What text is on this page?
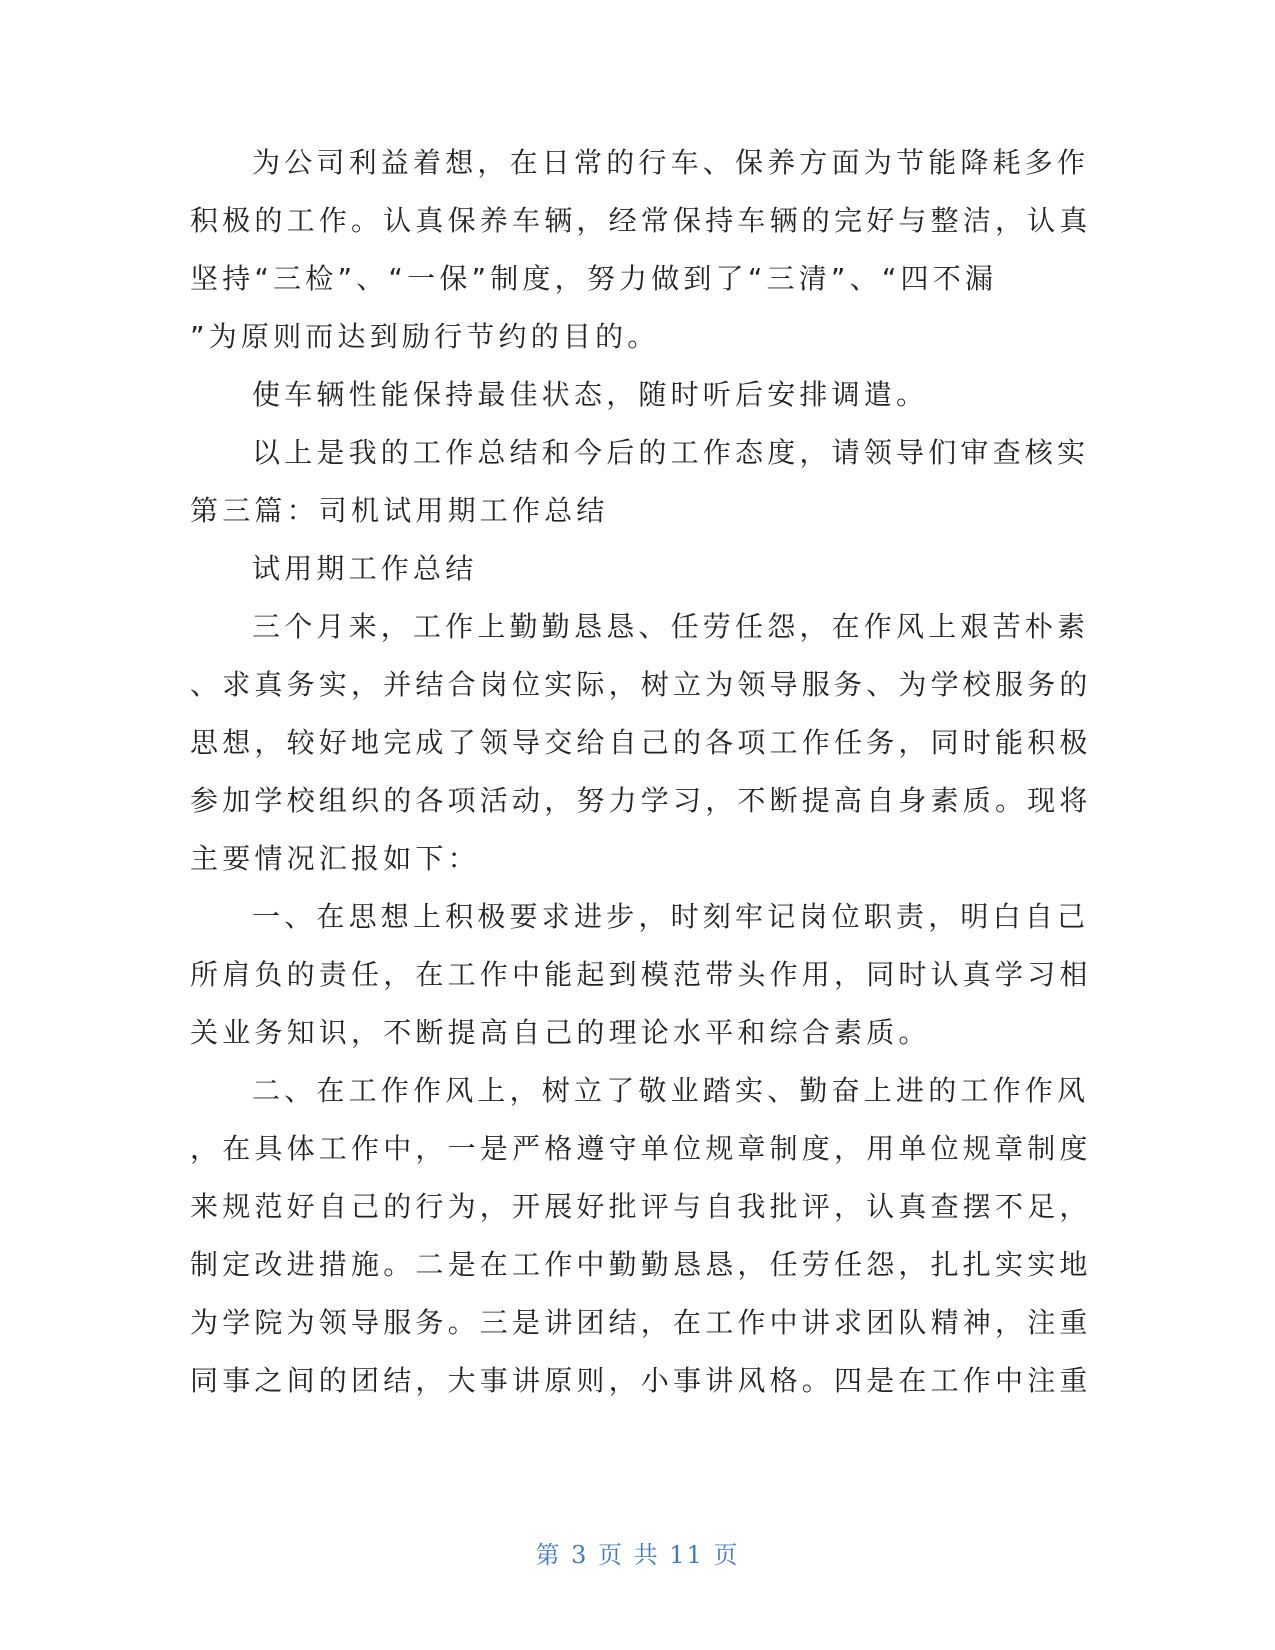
为公司利益着想，在日常的行车、保养方面为节能降耗多作
积极的工作。认真保养车辆，经常保持车辆的完好与整洁，认真
坚持“三检”、“一保”制度，努力做到了“三清”、“四不漏
”为原则而达到励行节约的目的。
使车辆性能保持最佳状态，随时听后安排调遣。
以上是我的工作总结和今后的工作态度，请领导们审查核实
第三篇：司机试用期工作总结
试用期工作总结
三个月来，工作上勤勤恳恳、任劳任怨，在作风上艰苦朴素
、求真务实，并结合岗位实际，树立为领导服务、为学校服务的
思想，较好地完成了领导交给自己的各项工作任务，同时能积极
参加学校组织的各项活动，努力学习，不断提高自身素质。现将
主要情况汇报如下：
一、在思想上积极要求进步，时刻牢记岗位职责，明白自己
所肩负的责任，在工作中能起到模范带头作用，同时认真学习相
关业务知识，不断提高自己的理论水平和综合素质。
二、在工作作风上，树立了敬业踏实、勤奋上进的工作作风
，在具体工作中，一是严格遵守单位规章制度，用单位规章制度
来规范好自己的行为，开展好批评与自我批评，认真查摆不足，
制定改进措施。二是在工作中勤勤恳恳，任劳任怨，扎扎实实地
为学院为领导服务。三是讲团结，在工作中讲求团队精神，注重
同事之间的团结，大事讲原则，小事讲风格。四是在工作中注重
第 3 页 共 11 页
